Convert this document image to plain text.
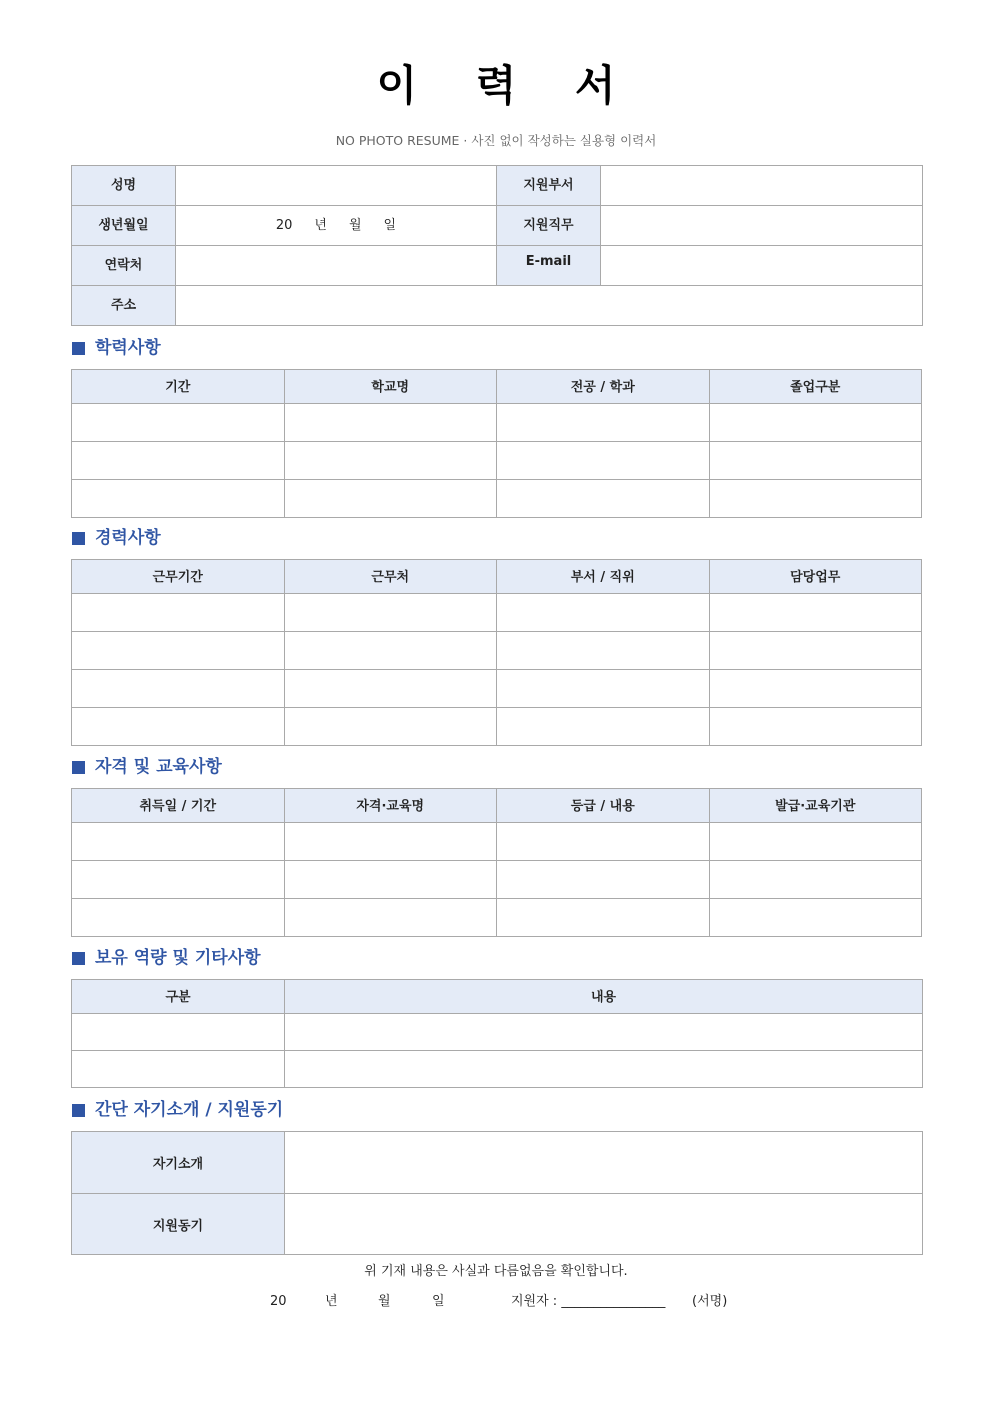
이 력 서
NO PHOTO RESUME · 사진 없이 작성하는 실용형 이력서
성명		지원부서	
생년월일	20 년 월 일	지원직무	
연락처		E-mail	
주소			
학력사항
기간	학교명	전공 / 학과	졸업구분

경력사항
근무기간	근무처	부서 / 직위	담당업무

자격 및 교육사항
취득일 / 기간	자격·교육명	등급 / 내용	발급·교육기관

보유 역량 및 기타사항
구분	내용

간단 자기소개 / 지원동기
자기소개	
지원동기	
위 기재 내용은 사실과 다름없음을 확인합니다.
20	년	월	일	지원자 : ________________ (서명)
